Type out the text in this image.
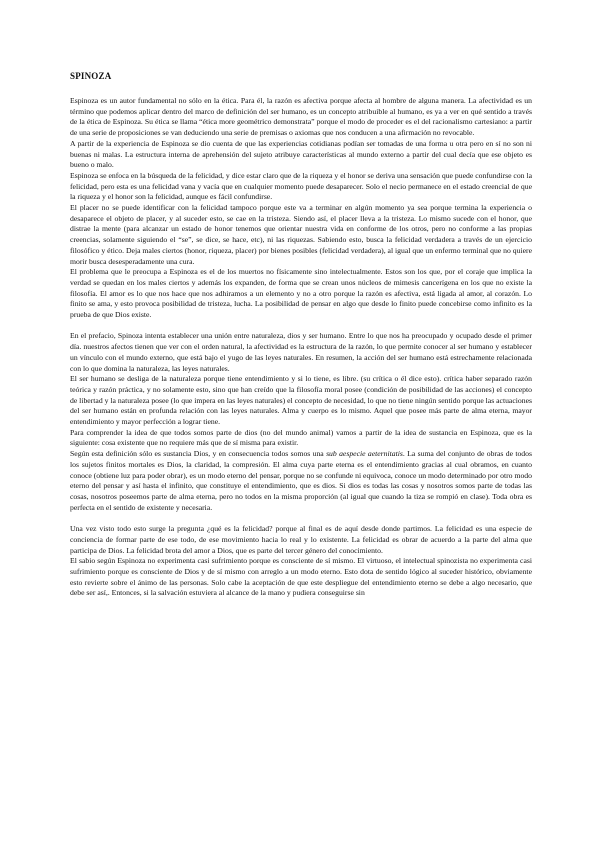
SPINOZA

Espinoza es un autor fundamental no sólo en la ética. Para él, la razón es afectiva porque afecta al hombre de alguna manera. La afectividad es un término que podemos aplicar dentro del marco de definición del ser humano, es un concepto atribuible al humano, es ya a ver en qué sentido a través de la ética de Espinoza. Su ética se llama “ética more geométrico demonstrata” porque el modo de proceder es el del racionalismo cartesiano: a partir de una serie de proposiciones se van deduciendo una serie de premisas o axiomas que nos conducen a una afirmación no revocable.

A partir de la experiencia de Espinoza se dio cuenta de que las experiencias cotidianas podían ser tomadas de una forma u otra pero en sí no son ni buenas ni malas. La estructura interna de aprehensión del sujeto atribuye características al mundo externo a partir del cual decía que ese objeto es bueno o malo.

Espinoza se enfoca en la búsqueda de la felicidad, y dice estar claro que de la riqueza y el honor se deriva una sensación que puede confundirse con la felicidad, pero esta es una felicidad vana y vacía que en cualquier momento puede desaparecer. Solo el necio permanece en el estado creencial de que la riqueza y el honor son la felicidad, aunque es fácil confundirse.

El placer no se puede identificar con la felicidad tampoco porque este va a terminar en algún momento ya sea porque termina la experiencia o desaparece el objeto de placer, y al suceder esto, se cae en la tristeza. Siendo así, el placer lleva a la tristeza. Lo mismo sucede con el honor, que distrae la mente (para alcanzar un estado de honor tenemos que orientar nuestra vida en conforme de los otros, pero no conforme a las propias creencias, solamente siguiendo el “se”, se dice, se hace, etc), ni las riquezas. Sabiendo esto, busca la felicidad verdadera a través de un ejercicio filosófico y ético. Deja males ciertos (honor, riqueza, placer) por bienes posibles (felicidad verdadera), al igual que un enfermo terminal que no quiere morir busca desesperadamente una cura.

El problema que le preocupa a Espinoza es el de los muertos no físicamente sino intelectualmente. Estos son los que, por el coraje que implica la verdad se quedan en los males ciertos y además los expanden, de forma que se crean unos núcleos de mimesis cancerígena en los que no existe la filosofía. El amor es lo que nos hace que nos adhiramos a un elemento y no a otro porque la razón es afectiva, está ligada al amor, al corazón. Lo finito se ama, y esto provoca posibilidad de tristeza, lucha. La posibilidad de pensar en algo que desde lo finito puede concebirse como infinito es la prueba de que Dios existe.

En el prefacio, Spinoza intenta establecer una unión entre naturaleza, dios y ser humano. Entre lo que nos ha preocupado y ocupado desde el primer día. nuestros afectos tienen que ver con el orden natural, la afectividad es la estructura de la razón, lo que permite conocer al ser humano y establecer un vínculo con el mundo externo, que está bajo el yugo de las leyes naturales. En resumen, la acción del ser humano está estrechamente relacionada con lo que domina la naturaleza, las leyes naturales.

El ser humano se desliga de la naturaleza porque tiene entendimiento y si lo tiene, es libre. (su crítica o él dice esto). crítica haber separado razón teórica y razón práctica, y no solamente esto, sino que han creído que la filosofía moral posee (condición de posibilidad de las acciones) el concepto de libertad y la naturaleza posee (lo que impera en las leyes naturales) el concepto de necesidad, lo que no tiene ningún sentido porque las actuaciones del ser humano están en profunda relación con las leyes naturales. Alma y cuerpo es lo mismo. Aquel que posee más parte de alma eterna, mayor entendimiento y mayor perfección a lograr tiene.

Para comprender la idea de que todos somos parte de dios (no del mundo animal) vamos a partir de la idea de sustancia en Espinoza, que es la siguiente: cosa existente que no requiere más que de sí misma para existir.

Según esta definición sólo es sustancia Dios, y en consecuencia todos somos una sub aespecie aeternitatis. La suma del conjunto de obras de todos los sujetos finitos mortales es Dios, la claridad, la compresión. El alma cuya parte eterna es el entendimiento gracias al cual obramos, en cuanto conoce (obtiene luz para poder obrar), es un modo eterno del pensar, porque no se confunde ni equivoca, conoce un modo determinado por otro modo eterno del pensar y así hasta el infinito, que constituye el entendimiento, que es dios. Si dios es todas las cosas y nosotros somos parte de todas las cosas, nosotros poseemos parte de alma eterna, pero no todos en la misma proporción (al igual que cuando la tiza se rompió en clase). Toda obra es perfecta en el sentido de existente y necesaria.

Una vez visto todo esto surge la pregunta ¿qué es la felicidad? porque al final es de aquí desde donde partimos. La felicidad es una especie de conciencia de formar parte de ese todo, de ese movimiento hacia lo real y lo existente. La felicidad es obrar de acuerdo a la parte del alma que participa de Dios. La felicidad brota del amor a Dios, que es parte del tercer género del conocimiento.

El sabio según Espinoza no experimenta casi sufrimiento porque es consciente de sí mismo. El virtuoso, el intelectual spinozista no experimenta casi sufrimiento porque es consciente de Dios y de sí mismo con arreglo a un modo eterno. Esto dota de sentido lógico al suceder histórico, obviamente esto revierte sobre el ánimo de las personas. Solo cabe la aceptación de que este despliegue del entendimiento eterno se debe a algo necesario, que debe ser así,. Entonces, si la salvación estuviera al alcance de la mano y pudiera conseguirse sin
